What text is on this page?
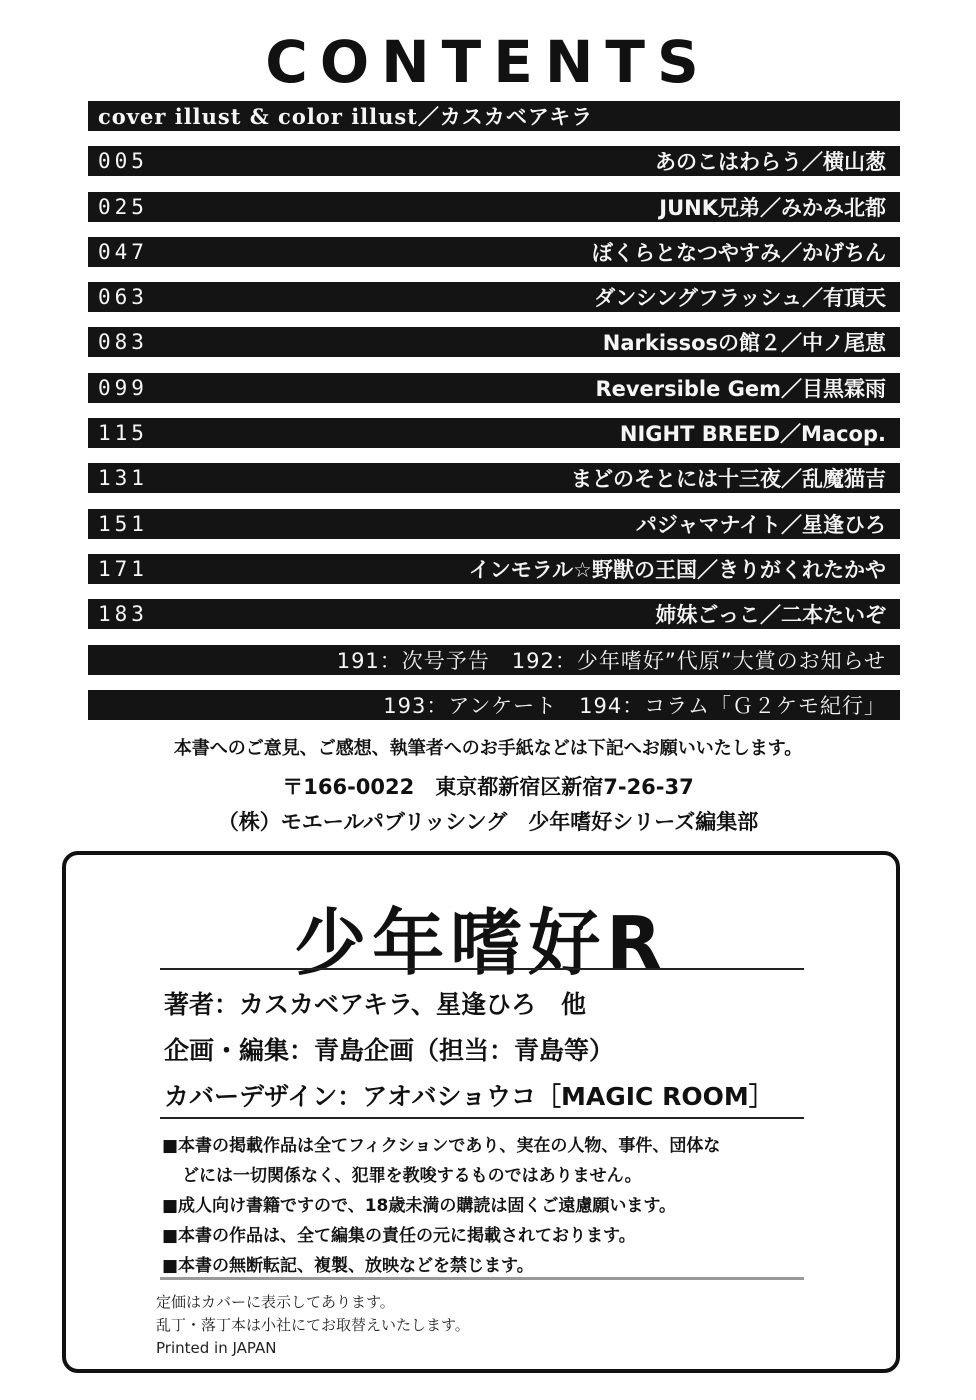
CONTENTS
cover illust & color illust／カスカベアキラ
005	あのこはわらう／横山葱
025	JUNK兄弟／みかみ北都
047	ぼくらとなつやすみ／かげちん
063	ダンシングフラッシュ／有頂天
083	Narkissosの館２／中ノ尾恵
099	Reversible Gem／目黒霖雨
115	NIGHT BREED／Macop.
131	まどのそとには十三夜／乱魔猫吉
151	パジャマナイト／星逢ひろ
171	インモラル☆野獣の王国／きりがくれたかや
183	姉妹ごっこ／二本たいぞ
191：次号予告　192：少年嗜好”代原”大賞のお知らせ
193：アンケート　194：コラム「Ｇ２ケモ紀行」
本書へのご意見、ご感想、執筆者へのお手紙などは下記へお願いいたします。
〒166-0022　東京都新宿区新宿7-26-37
（株）モエールパブリッシング　少年嗜好シリーズ編集部
少年嗜好R
著者：カスカベアキラ、星逢ひろ　他
企画・編集：青島企画（担当：青島等）
カバーデザイン：アオバショウコ［MAGIC ROOM］
■本書の掲載作品は全てフィクションであり、実在の人物、事件、団体な
どには一切関係なく、犯罪を教唆するものではありません。
■成人向け書籍ですので、18歳未満の購読は固くご遠慮願います。
■本書の作品は、全て編集の責任の元に掲載されております。
■本書の無断転記、複製、放映などを禁じます。
定価はカバーに表示してあります。
乱丁・落丁本は小社にてお取替えいたします。
Printed in JAPAN
